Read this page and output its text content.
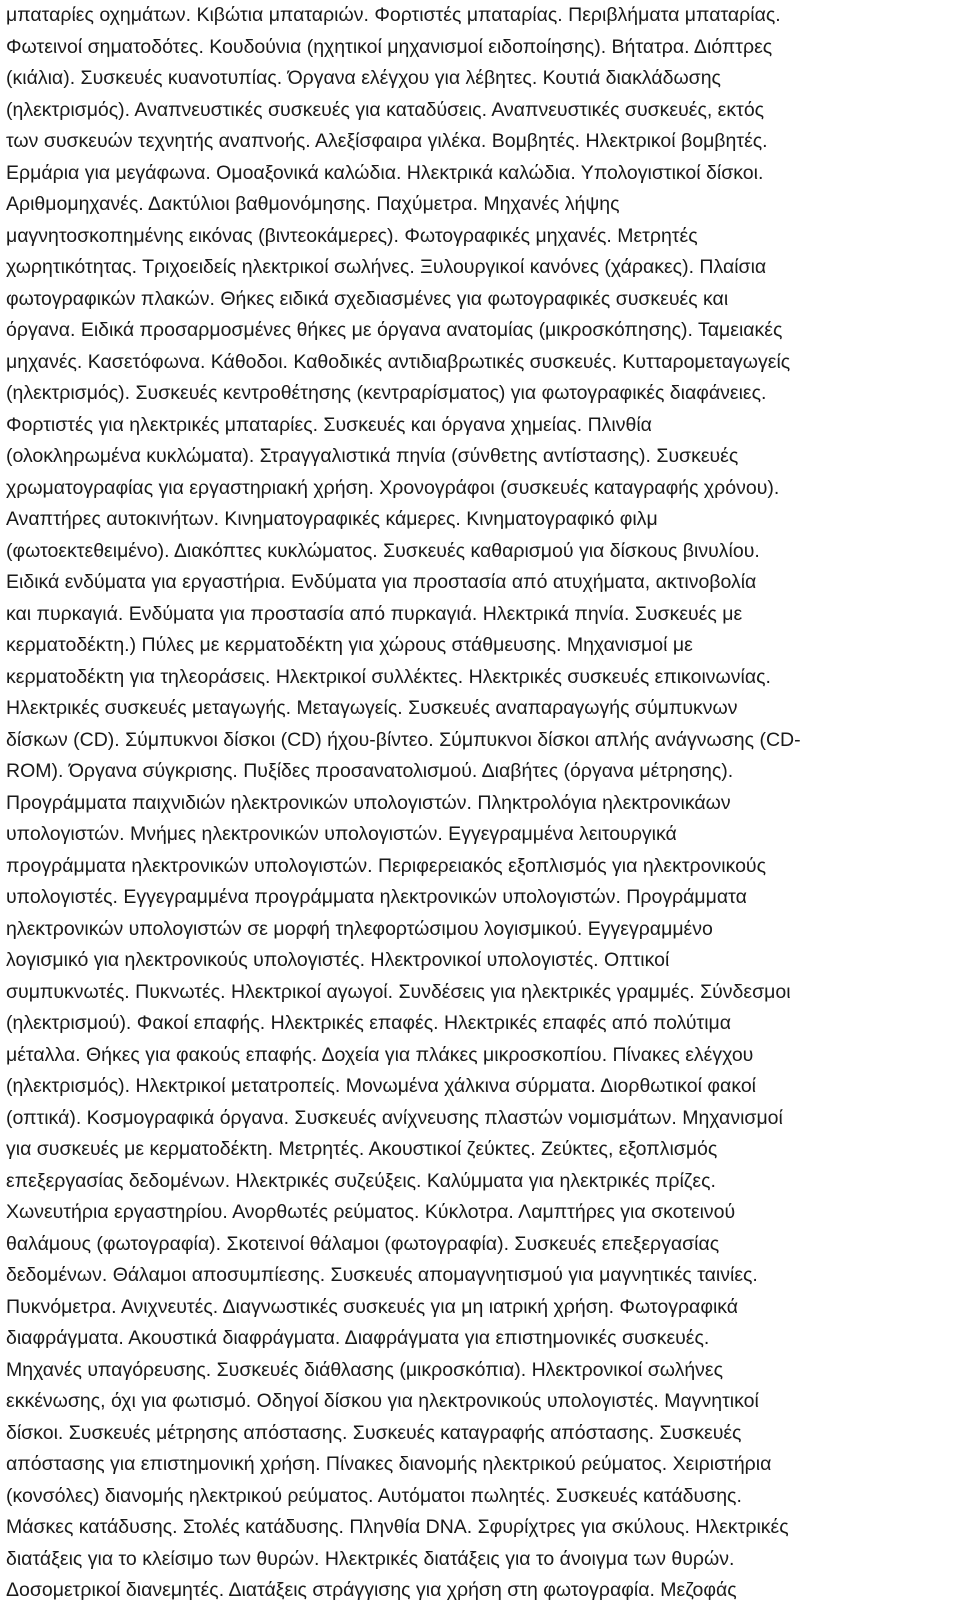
μπαταρίες οχημάτων. Κιβώτια μπαταριών. Φορτιστές μπαταρίας. Περιβλήματα μπαταρίας.
Φωτεινοί σηματοδότες. Κουδούνια (ηχητικοί μηχανισμοί ειδοποίησης). Βήτατρα. Διόπτρες
(κιάλια). Συσκευές κυανοτυπίας. Όργανα ελέγχου για λέβητες. Κουτιά διακλάδωσης
(ηλεκτρισμός). Αναπνευστικές συσκευές για καταδύσεις. Αναπνευστικές συσκευές, εκτός
των συσκευών τεχνητής αναπνοής. Αλεξίσφαιρα γιλέκα. Βομβητές. Ηλεκτρικοί βομβητές.
Ερμάρια για μεγάφωνα. Ομοαξονικά καλώδια. Ηλεκτρικά καλώδια. Υπολογιστικοί δίσκοι.
Αριθμομηχανές. Δακτύλιοι βαθμονόμησης. Παχύμετρα. Μηχανές λήψης
μαγνητοσκοπημένης εικόνας (βιντεοκάμερες). Φωτογραφικές μηχανές. Μετρητές
χωρητικότητας. Τριχοειδείς ηλεκτρικοί σωλήνες. Ξυλουργικοί κανόνες (χάρακες). Πλαίσια
φωτογραφικών πλακών. Θήκες ειδικά σχεδιασμένες για φωτογραφικές συσκευές και
όργανα. Ειδικά προσαρμοσμένες θήκες με όργανα ανατομίας (μικροσκόπησης). Ταμειακές
μηχανές. Κασετόφωνα. Κάθοδοι. Καθοδικές αντιδιαβρωτικές συσκευές. Κυτταρομεταγωγείς
(ηλεκτρισμός). Συσκευές κεντροθέτησης (κεντραρίσματος) για φωτογραφικές διαφάνειες.
Φορτιστές για ηλεκτρικές μπαταρίες. Συσκευές και όργανα χημείας. Πλινθία
(ολοκληρωμένα κυκλώματα). Στραγγαλιστικά πηνία (σύνθετης αντίστασης). Συσκευές
χρωματογραφίας για εργαστηριακή χρήση. Χρονογράφοι (συσκευές καταγραφής χρόνου).
Αναπτήρες αυτοκινήτων. Κινηματογραφικές κάμερες. Κινηματογραφικό φιλμ
(φωτοεκτεθειμένο). Διακόπτες κυκλώματος. Συσκευές καθαρισμού για δίσκους βινυλίου.
Ειδικά ενδύματα για εργαστήρια. Ενδύματα για προστασία από ατυχήματα, ακτινοβολία
και πυρκαγιά. Ενδύματα για προστασία από πυρκαγιά. Ηλεκτρικά πηνία. Συσκευές με
κερματοδέκτη.) Πύλες με κερματοδέκτη για χώρους στάθμευσης. Μηχανισμοί με
κερματοδέκτη για τηλεοράσεις. Ηλεκτρικοί συλλέκτες. Ηλεκτρικές συσκευές επικοινωνίας.
Ηλεκτρικές συσκευές μεταγωγής. Μεταγωγείς. Συσκευές αναπαραγωγής σύμπυκνων
δίσκων (CD). Σύμπυκνοι δίσκοι (CD) ήχου-βίντεο. Σύμπυκνοι δίσκοι απλής ανάγνωσης (CD-
ROM). Όργανα σύγκρισης. Πυξίδες προσανατολισμού. Διαβήτες (όργανα μέτρησης).
Προγράμματα παιχνιδιών ηλεκτρονικών υπολογιστών. Πληκτρολόγια ηλεκτρονικάων
υπολογιστών. Μνήμες ηλεκτρονικών υπολογιστών. Εγγεγραμμένα λειτουργικά
προγράμματα ηλεκτρονικών υπολογιστών. Περιφερειακός εξοπλισμός για ηλεκτρονικούς
υπολογιστές. Εγγεγραμμένα προγράμματα ηλεκτρονικών υπολογιστών. Προγράμματα
ηλεκτρονικών υπολογιστών σε μορφή τηλεφορτώσιμου λογισμικού. Εγγεγραμμένο
λογισμικό για ηλεκτρονικούς υπολογιστές. Ηλεκτρονικοί υπολογιστές. Οπτικοί
συμπυκνωτές. Πυκνωτές. Ηλεκτρικοί αγωγοί. Συνδέσεις για ηλεκτρικές γραμμές. Σύνδεσμοι
(ηλεκτρισμού). Φακοί επαφής. Ηλεκτρικές επαφές. Ηλεκτρικές επαφές από πολύτιμα
μέταλλα. Θήκες για φακούς επαφής. Δοχεία για πλάκες μικροσκοπίου. Πίνακες ελέγχου
(ηλεκτρισμός). Ηλεκτρικοί μετατροπείς. Μονωμένα χάλκινα σύρματα. Διορθωτικοί φακοί
(οπτικά). Κοσμογραφικά όργανα. Συσκευές ανίχνευσης πλαστών νομισμάτων. Μηχανισμοί
για συσκευές με κερματοδέκτη. Μετρητές. Ακουστικοί ζεύκτες. Ζεύκτες, εξοπλισμός
επεξεργασίας δεδομένων. Ηλεκτρικές συζεύξεις. Καλύμματα για ηλεκτρικές πρίζες.
Χωνευτήρια εργαστηρίου. Ανορθωτές ρεύματος. Κύκλοτρα. Λαμπτήρες για σκοτεινού
θαλάμους (φωτογραφία). Σκοτεινοί θάλαμοι (φωτογραφία). Συσκευές επεξεργασίας
δεδομένων. Θάλαμοι αποσυμπίεσης. Συσκευές απομαγνητισμού για μαγνητικές ταινίες.
Πυκνόμετρα. Ανιχνευτές. Διαγνωστικές συσκευές για μη ιατρική χρήση. Φωτογραφικά
διαφράγματα. Ακουστικά διαφράγματα. Διαφράγματα για επιστημονικές συσκευές.
Μηχανές υπαγόρευσης. Συσκευές διάθλασης (μικροσκόπια). Ηλεκτρονικοί σωλήνες
εκκένωσης, όχι για φωτισμό. Οδηγοί δίσκου για ηλεκτρονικούς υπολογιστές. Μαγνητικοί
δίσκοι. Συσκευές μέτρησης απόστασης. Συσκευές καταγραφής απόστασης. Συσκευές
απόστασης για επιστημονική χρήση. Πίνακες διανομής ηλεκτρικού ρεύματος. Χειριστήρια
(κονσόλες) διανομής ηλεκτρικού ρεύματος. Αυτόματοι πωλητές. Συσκευές κατάδυσης.
Μάσκες κατάδυσης. Στολές κατάδυσης. Πληνθία DNA. Σφυρίχτρες για σκύλους. Ηλεκτρικές
διατάξεις για το κλείσιμο των θυρών. Ηλεκτρικές διατάξεις για το άνοιγμα των θυρών.
Δοσομετρικοί διανεμητές. Διατάξεις στράγγισης για χρήση στη φωτογραφία. Μεζοφάς
